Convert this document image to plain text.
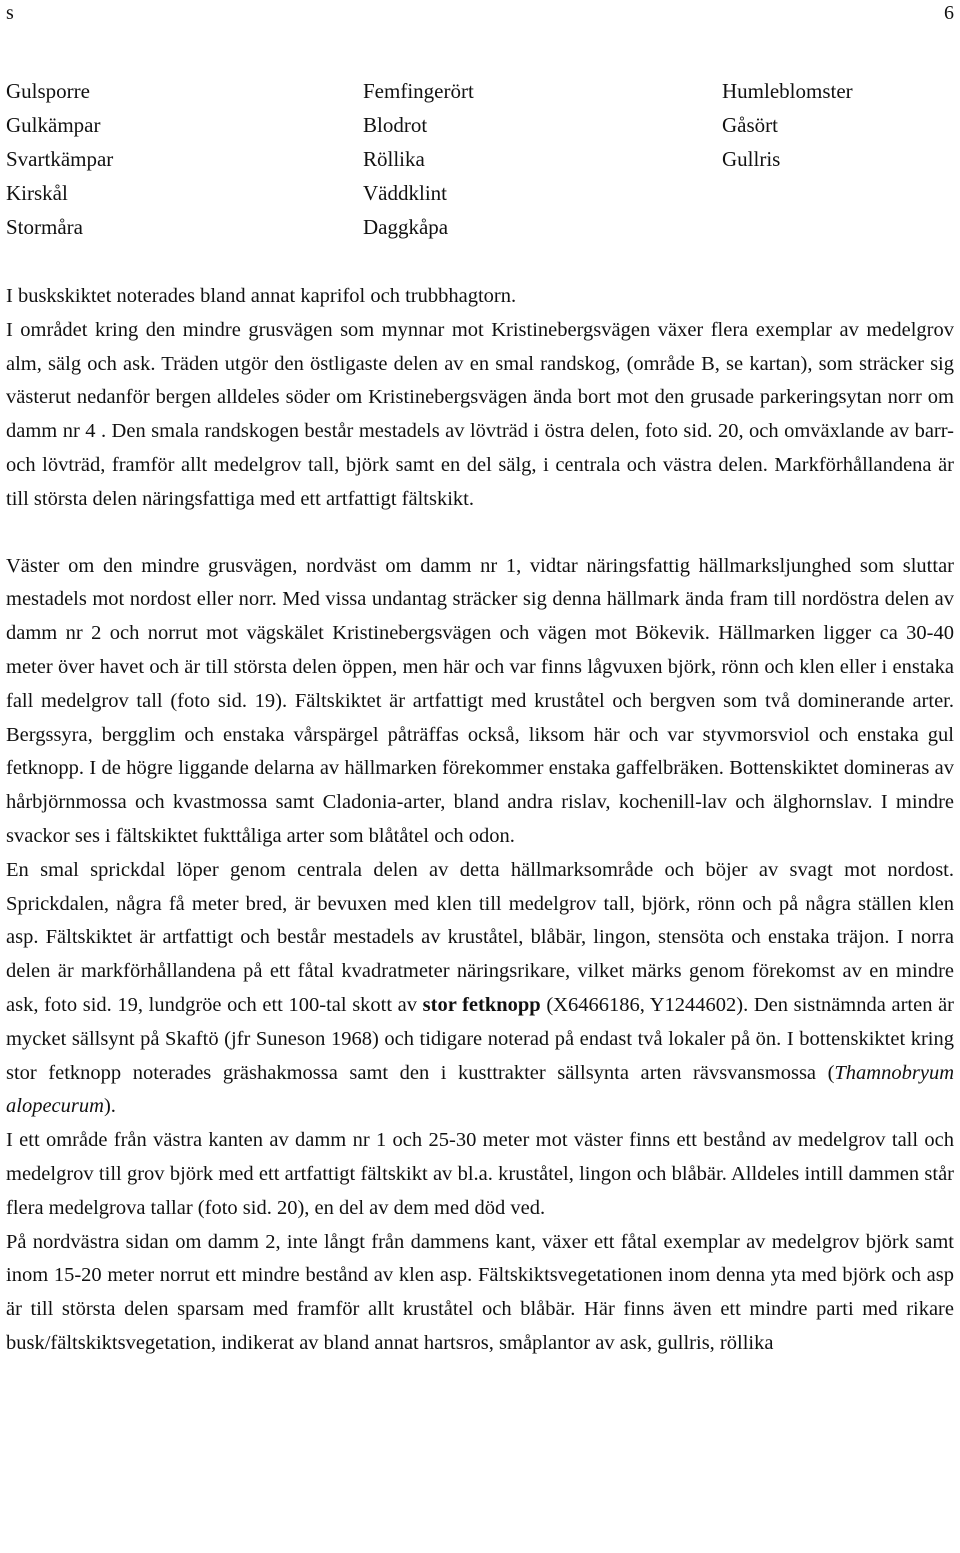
s	6
Gulsporre
Gulkämpar
Svartkämpar
Kirskål
Stormåra
Femfingerört
Blodrot
Röllika
Väddklint
Daggkåpa
Humleblomster
Gåsört
Gullris

I buskskiktet noterades bland annat kaprifol och trubbhagtorn.

I området kring den mindre grusvägen som mynnar mot Kristinebergsvägen växer flera exemplar av medelgrov alm, sälg och ask. Träden utgör den östligaste delen av en smal randskog, (område B, se kartan), som sträcker sig västerut nedanför bergen alldeles söder om Kristinebergsvägen ända bort mot den grusade parkeringsytan norr om damm nr 4 . Den smala randskogen består mestadels av lövträd i östra delen, foto sid. 20, och omväxlande av barr- och lövträd, framför allt medelgrov tall, björk samt en del sälg, i centrala och västra delen. Markförhållandena är till största delen näringsfattiga med ett artfattigt fältskikt.

Väster om den mindre grusvägen, nordväst om damm nr 1, vidtar näringsfattig hällmarksljunghed som sluttar mestadels mot nordost eller norr. Med vissa undantag sträcker sig denna hällmark ända fram till nordöstra delen av damm nr 2 och norrut mot vägskälet Kristinebergsvägen och vägen mot Bökevik. Hällmarken ligger ca 30-40 meter över havet och är till största delen öppen, men här och var finns lågvuxen björk, rönn och klen eller i enstaka fall medelgrov tall (foto sid. 19). Fältskiktet är artfattigt med kruståtel och bergven som två dominerande arter. Bergssyra, bergglim och enstaka vårspärgel påträffas också, liksom här och var styvmorsviol och enstaka gul fetknopp. I de högre liggande delarna av hällmarken förekommer enstaka gaffelbräken. Bottenskiktet domineras av hårbjörnmossa och kvastmossa samt Cladonia-arter, bland andra rislav, kochenill-lav och älghornslav. I mindre svackor ses i fältskiktet fukttåliga arter som blåtåtel och odon.

En smal sprickdal löper genom centrala delen av detta hällmarksområde och böjer av svagt mot nordost. Sprickdalen, några få meter bred, är bevuxen med klen till medelgrov tall, björk, rönn och på några ställen klen asp. Fältskiktet är artfattigt och består mestadels av kruståtel, blåbär, lingon, stensöta och enstaka träjon. I norra delen är markförhållandena på ett fåtal kvadratmeter näringsrikare, vilket märks genom förekomst av en mindre ask, foto sid. 19, lundgröe och ett 100-tal skott av stor fetknopp (X6466186, Y1244602). Den sistnämnda arten är mycket sällsynt på Skaftö (jfr Suneson 1968) och tidigare noterad på endast två lokaler på ön. I bottenskiktet kring stor fetknopp noterades gräshakmossa samt den i kusttrakter sällsynta arten rävsvansmossa (Thamnobryum alopecurum).

I ett område från västra kanten av damm nr 1 och 25-30 meter mot väster finns ett bestånd av medelgrov tall och medelgrov till grov björk med ett artfattigt fältskikt av bl.a. kruståtel, lingon och blåbär. Alldeles intill dammen står flera medelgrova tallar (foto sid. 20), en del av dem med död ved.

På nordvästra sidan om damm 2, inte långt från dammens kant, växer ett fåtal exemplar av medelgrov björk samt inom 15-20 meter norrut ett mindre bestånd av klen asp. Fältskiktsvegetationen inom denna yta med björk och asp är till största delen sparsam med framför allt kruståtel och blåbär. Här finns även ett mindre parti med rikare busk/fältskiktsvegetation, indikerat av bland annat hartsros, småplantor av ask, gullris, röllika
